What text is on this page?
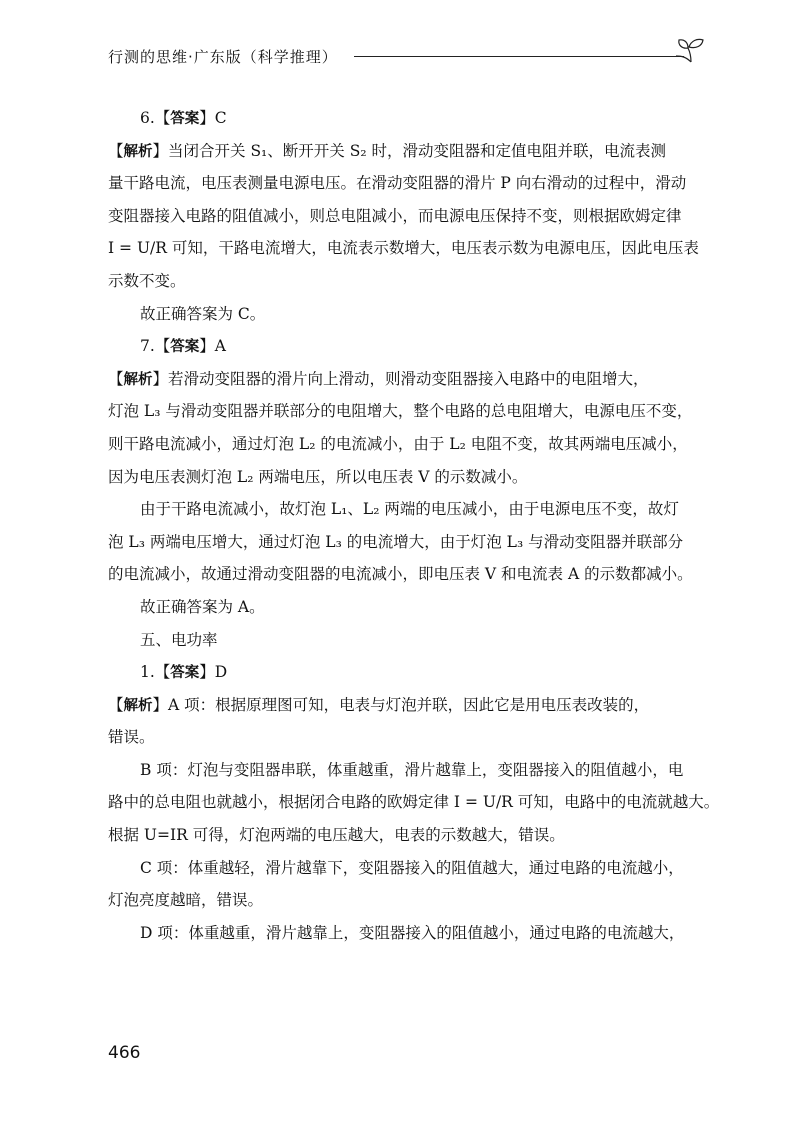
行测的思维·广东版（科学推理）
6.【答案】C
【解析】当闭合开关 S₁、断开开关 S₂ 时，滑动变阻器和定值电阻并联，电流表测
量干路电流，电压表测量电源电压。在滑动变阻器的滑片 P 向右滑动的过程中，滑动
变阻器接入电路的阻值减小，则总电阻减小，而电源电压保持不变，则根据欧姆定律
I = U/R 可知，干路电流增大，电流表示数增大，电压表示数为电源电压，因此电压表
示数不变。
故正确答案为 C。
7.【答案】A
【解析】若滑动变阻器的滑片向上滑动，则滑动变阻器接入电路中的电阻增大，
灯泡 L₃ 与滑动变阻器并联部分的电阻增大，整个电路的总电阻增大，电源电压不变，
则干路电流减小，通过灯泡 L₂ 的电流减小，由于 L₂ 电阻不变，故其两端电压减小，
因为电压表测灯泡 L₂ 两端电压，所以电压表 V 的示数减小。
由于干路电流减小，故灯泡 L₁、L₂ 两端的电压减小，由于电源电压不变，故灯
泡 L₃ 两端电压增大，通过灯泡 L₃ 的电流增大，由于灯泡 L₃ 与滑动变阻器并联部分
的电流减小，故通过滑动变阻器的电流减小，即电压表 V 和电流表 A 的示数都减小。
故正确答案为 A。
五、电功率
1.【答案】D
【解析】A 项：根据原理图可知，电表与灯泡并联，因此它是用电压表改装的，
错误。
B 项：灯泡与变阻器串联，体重越重，滑片越靠上，变阻器接入的阻值越小，电
路中的总电阻也就越小，根据闭合电路的欧姆定律 I = U/R 可知，电路中的电流就越大。
根据 U=IR 可得，灯泡两端的电压越大，电表的示数越大，错误。
C 项：体重越轻，滑片越靠下，变阻器接入的阻值越大，通过电路的电流越小，
灯泡亮度越暗，错误。
D 项：体重越重，滑片越靠上，变阻器接入的阻值越小，通过电路的电流越大，
466
